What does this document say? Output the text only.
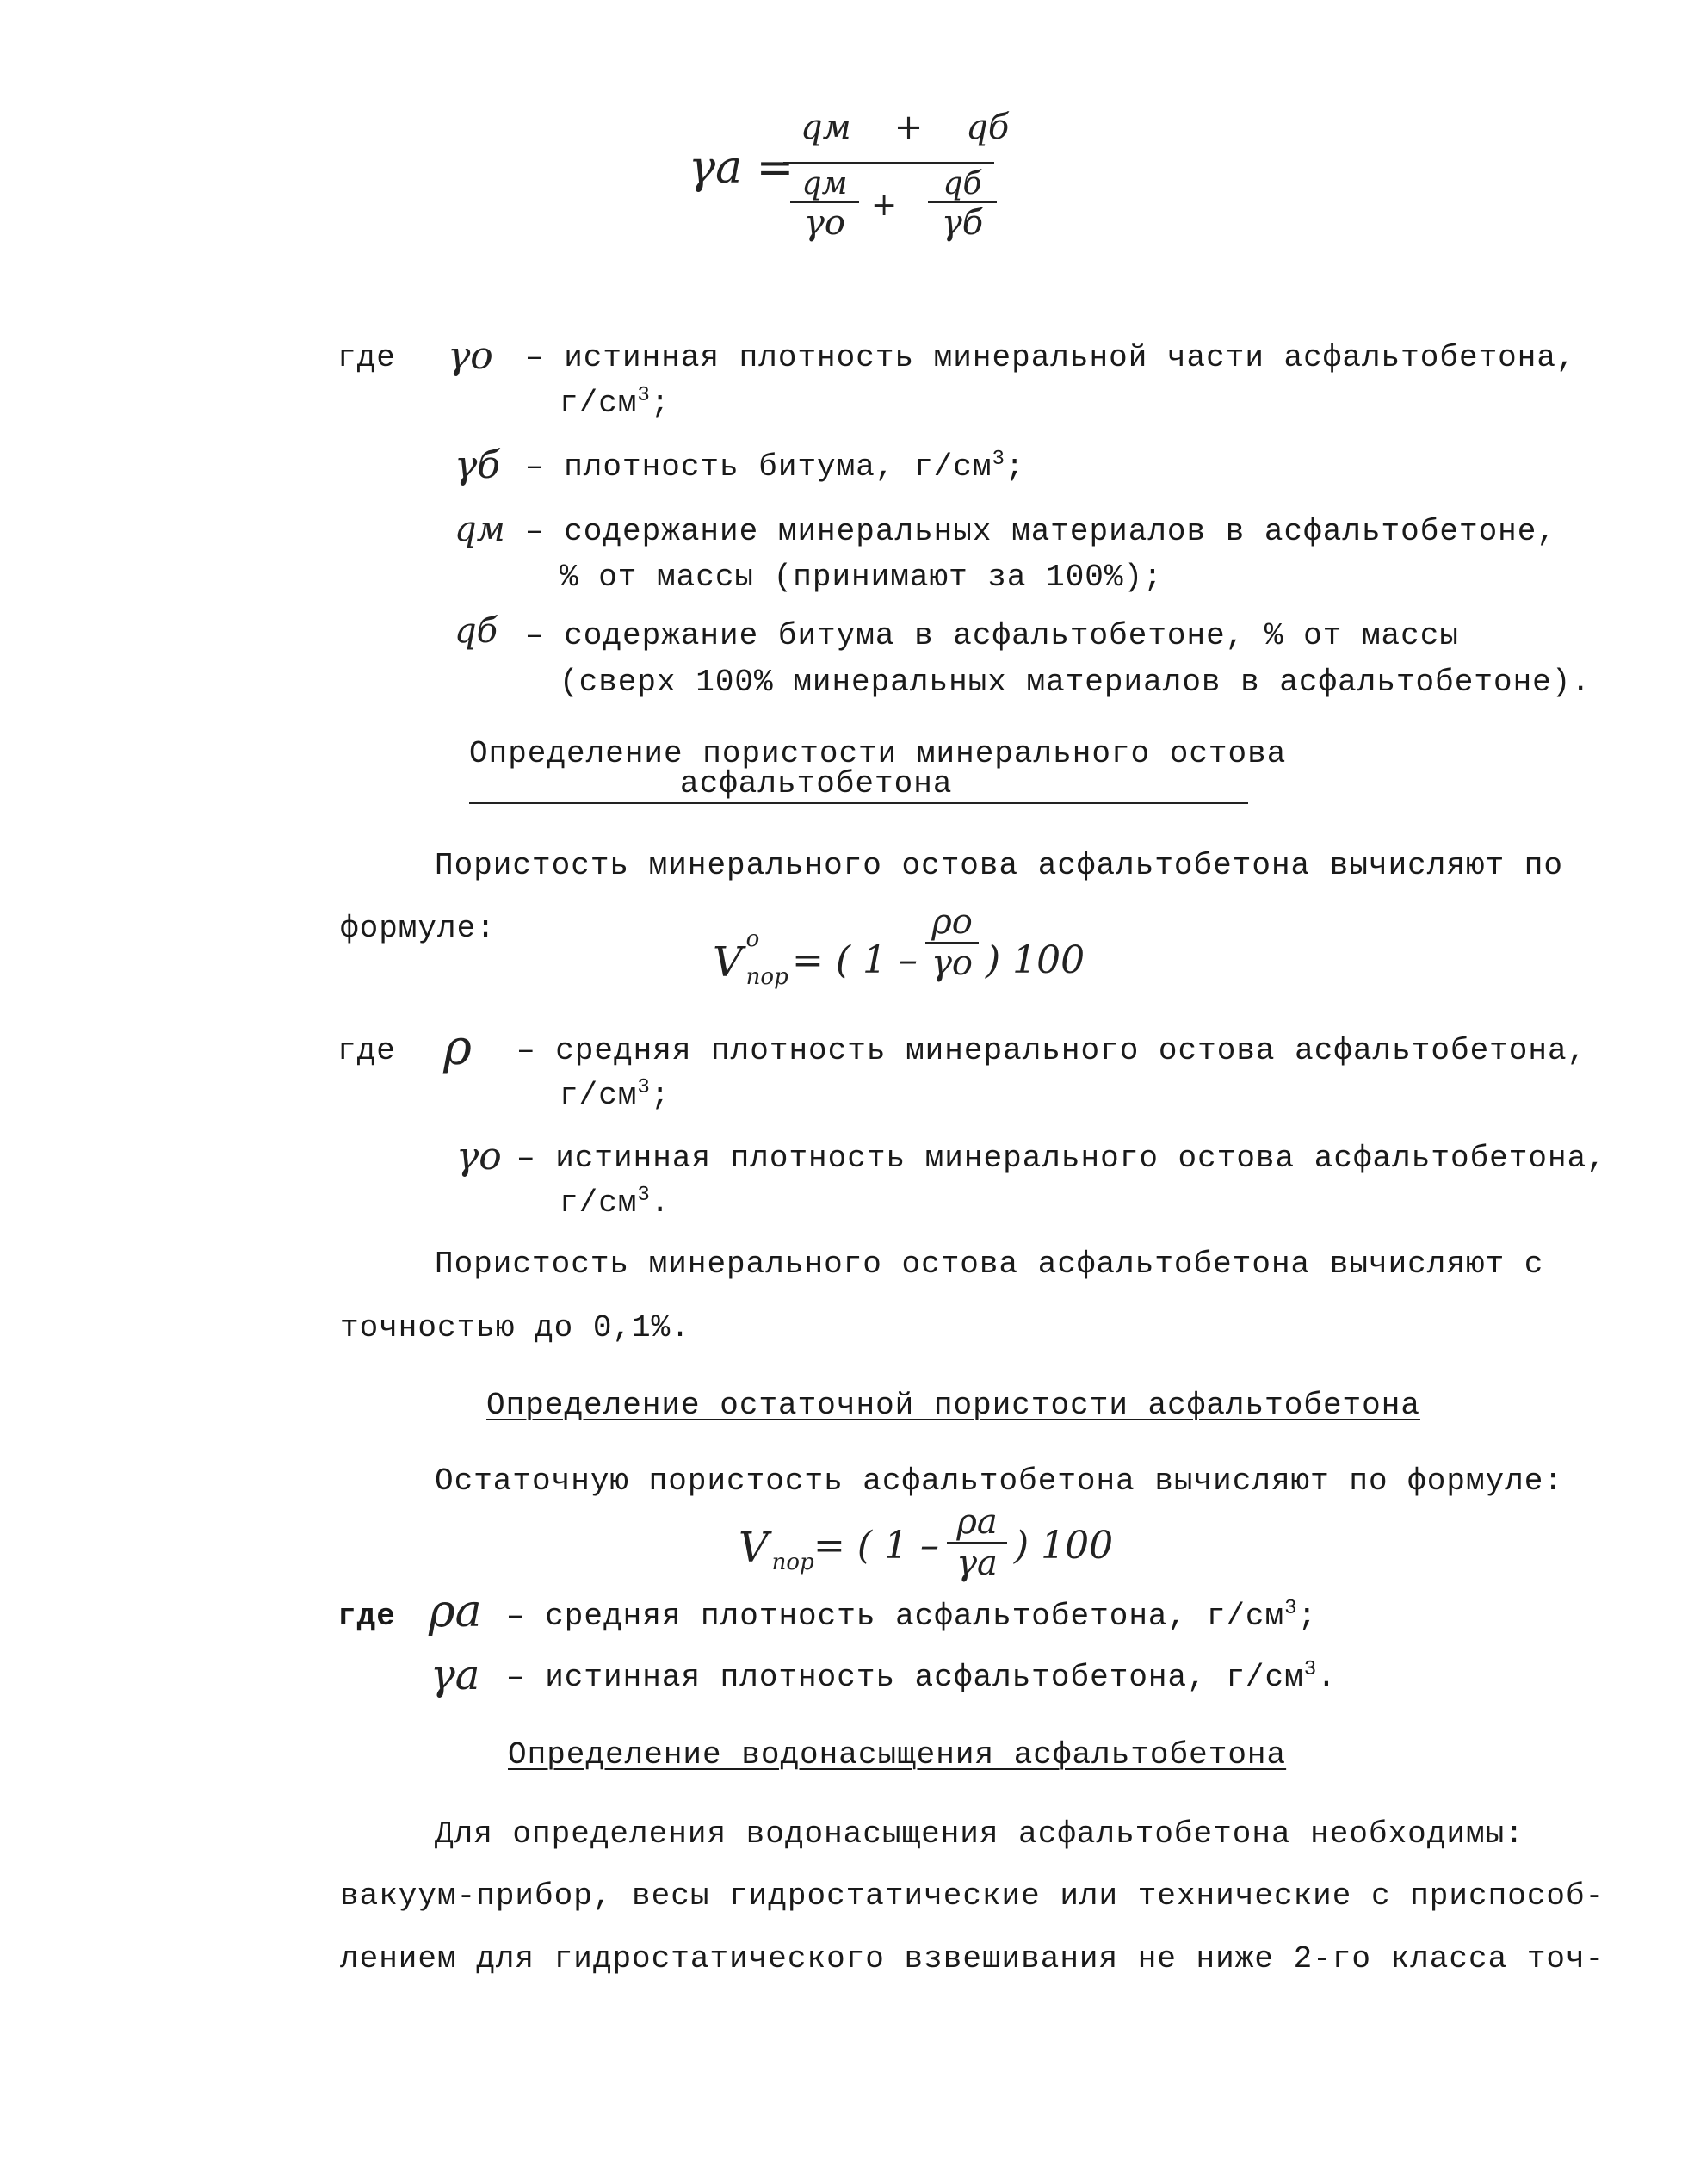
γa =
qм + qб
qм
γо +
qб
γб
где γо – истинная плотность минеральной части асфальтобетона,
$г/см^3$;
γб – плотность битума, $г/см^3$;
qм – содержание минеральных материалов в асфальтобетоне,
% от массы (принимают за 100%);
qб – содержание битума в асфальтобетоне, % от массы
(сверх 100% минеральных материалов в асфальтобетоне).
Определение пористости минерального остова
асфальтобетона
Пористость минерального остова асфальтобетона вычисляют по
формуле:
V о
пор = ( 1 –
ρо
γо ) 100
где ρ – средняя плотность минерального остова асфальтобетона,
$г/см^3$;
γо – истинная плотность минерального остова асфальтобетона,
$г/см^3$.
Пористость минерального остова асфальтобетона вычисляют с
точностью до 0,1%.
Определение остаточной пористости асфальтобетона
Остаточную пористость асфальтобетона вычисляют по формуле:
V пор = ( 1 –
ρa
γa ) 100
где ρa – средняя плотность асфальтобетона, $г/см^3$;
γa – истинная плотность асфальтобетона, $г/см^3$.
Определение водонасыщения асфальтобетона
Для определения водонасыщения асфальтобетона необходимы:
вакуум-прибор, весы гидростатические или технические с приспособ-
лением для гидростатического взвешивания не ниже 2-го класса точ-
